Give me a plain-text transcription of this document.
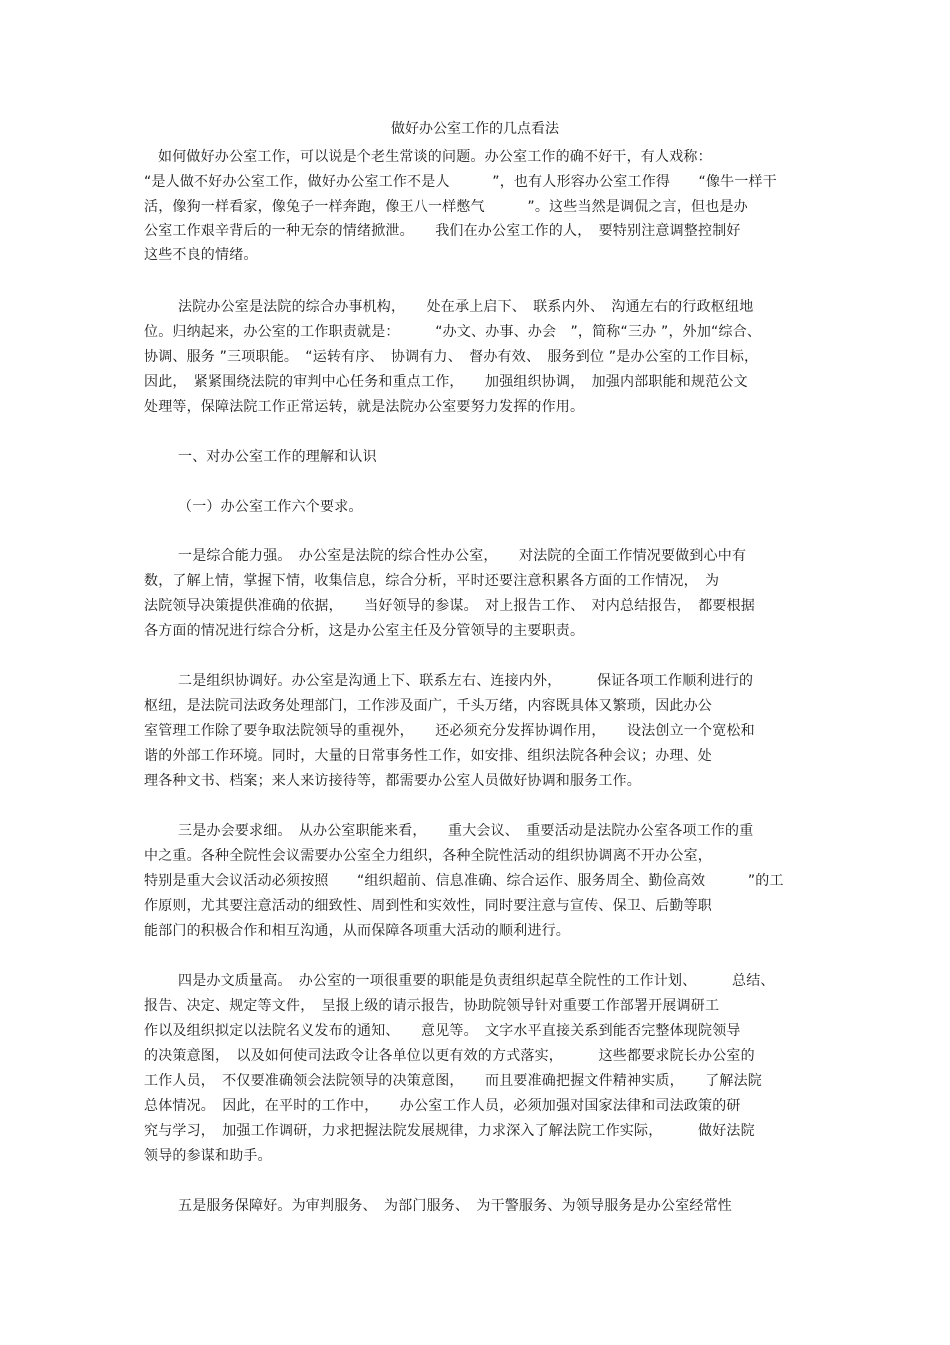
做好办公室工作的几点看法
如何做好办公室工作，可以说是个老生常谈的问题。办公室工作的确不好干，有人戏称：
“是人做不好办公室工作，做好办公室工作不是人　　　”，也有人形容办公室工作得　　“像牛一样干
活，像狗一样看家，像兔子一样奔跑，像王八一样憋气　　　”。这些当然是调侃之言，但也是办
公室工作艰辛背后的一种无奈的情绪掀泄。　　我们在办公室工作的人，　要特别注意调整控制好
这些不良的情绪。
法院办公室是法院的综合办事机构，　　处在承上启下、　联系内外、　沟通左右的行政枢纽地
位。归纳起来，办公室的工作职责就是：　　　“办文、办事、办会　”，简称“三办 ”，外加“综合、
协调、服务 ”三项职能。　“运转有序、　协调有力、　督办有效、　服务到位 ”是办公室的工作目标，
因此，　紧紧围绕法院的审判中心任务和重点工作，　　加强组织协调，　加强内部职能和规范公文
处理等，保障法院工作正常运转，就是法院办公室要努力发挥的作用。
一、对办公室工作的理解和认识
（一）办公室工作六个要求。
一是综合能力强。　办公室是法院的综合性办公室，　　对法院的全面工作情况要做到心中有
数，了解上情，掌握下情，收集信息，综合分析，平时还要注意积累各方面的工作情况，　为
法院领导决策提供准确的依据，　　当好领导的参谋。　对上报告工作、　对内总结报告，　都要根据
各方面的情况进行综合分析，这是办公室主任及分管领导的主要职责。
二是组织协调好。办公室是沟通上下、联系左右、连接内外，　　　保证各项工作顺利进行的
枢纽，是法院司法政务处理部门，工作涉及面广，千头万绪，内容既具体又繁琐，因此办公
室管理工作除了要争取法院领导的重视外，　　还必须充分发挥协调作用，　　设法创立一个宽松和
谐的外部工作环境。同时，大量的日常事务性工作，如安排、组织法院各种会议；办理、处
理各种文书、档案；来人来访接待等，都需要办公室人员做好协调和服务工作。
三是办会要求细。　从办公室职能来看，　　重大会议、　重要活动是法院办公室各项工作的重
中之重。各种全院性会议需要办公室全力组织，各种全院性活动的组织协调离不开办公室，
特别是重大会议活动必须按照　　“组织超前、信息准确、综合运作、服务周全、勤俭高效　　　”的工
作原则，尤其要注意活动的细致性、周到性和实效性，同时要注意与宣传、保卫、后勤等职
能部门的积极合作和相互沟通，从而保障各项重大活动的顺利进行。
四是办文质量高。　办公室的一项很重要的职能是负责组织起草全院性的工作计划、　　　总结、
报告、决定、规定等文件，　呈报上级的请示报告，协助院领导针对重要工作部署开展调研工
作以及组织拟定以法院名义发布的通知、　　意见等。　文字水平直接关系到能否完整体现院领导
的决策意图，　以及如何使司法政令让各单位以更有效的方式落实，　　　这些都要求院长办公室的
工作人员，　不仅要准确领会法院领导的决策意图，　　而且要准确把握文件精神实质，　　了解法院
总体情况。　因此，在平时的工作中，　　办公室工作人员，必须加强对国家法律和司法政策的研
究与学习，　加强工作调研，力求把握法院发展规律，力求深入了解法院工作实际，　　　做好法院
领导的参谋和助手。
五是服务保障好。为审判服务、　为部门服务、　为干警服务、为领导服务是办公室经常性
